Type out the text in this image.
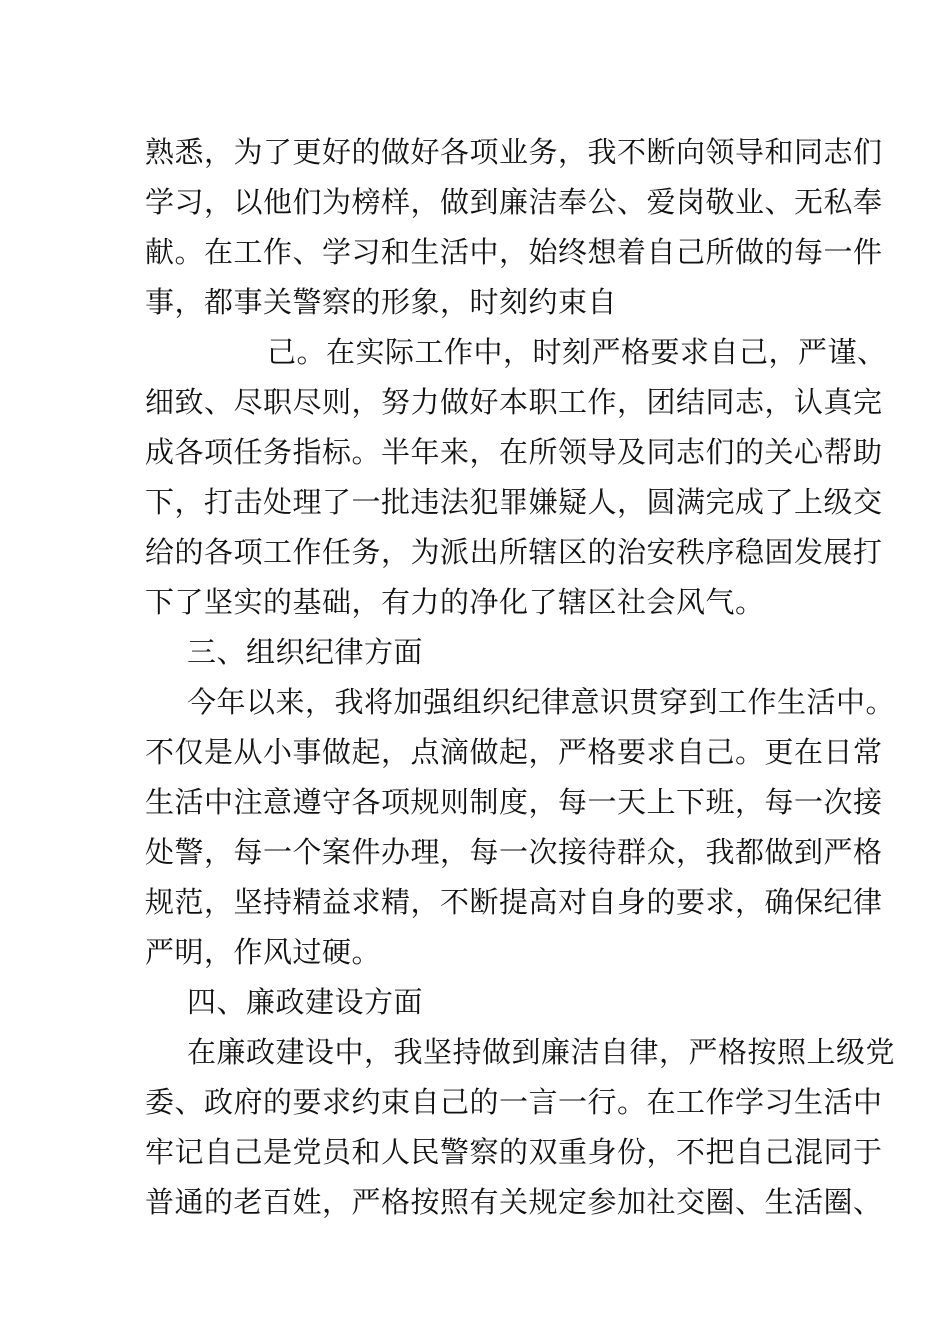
熟悉，为了更好的做好各项业务，我不断向领导和同志们
学习，以他们为榜样，做到廉洁奉公、爱岗敬业、无私奉
献。在工作、学习和生活中，始终想着自己所做的每一件
事，都事关警察的形象，时刻约束自
己。在实际工作中，时刻严格要求自己，严谨、
细致、尽职尽则，努力做好本职工作，团结同志，认真完
成各项任务指标。半年来，在所领导及同志们的关心帮助
下，打击处理了一批违法犯罪嫌疑人，圆满完成了上级交
给的各项工作任务，为派出所辖区的治安秩序稳固发展打
下了坚实的基础，有力的净化了辖区社会风气。
三、组织纪律方面
今年以来，我将加强组织纪律意识贯穿到工作生活中。
不仅是从小事做起，点滴做起，严格要求自己。更在日常
生活中注意遵守各项规则制度，每一天上下班，每一次接
处警，每一个案件办理，每一次接待群众，我都做到严格
规范，坚持精益求精，不断提高对自身的要求，确保纪律
严明，作风过硬。
四、廉政建设方面
在廉政建设中，我坚持做到廉洁自律，严格按照上级党
委、政府的要求约束自己的一言一行。在工作学习生活中
牢记自己是党员和人民警察的双重身份，不把自己混同于
普通的老百姓，严格按照有关规定参加社交圈、生活圈、
